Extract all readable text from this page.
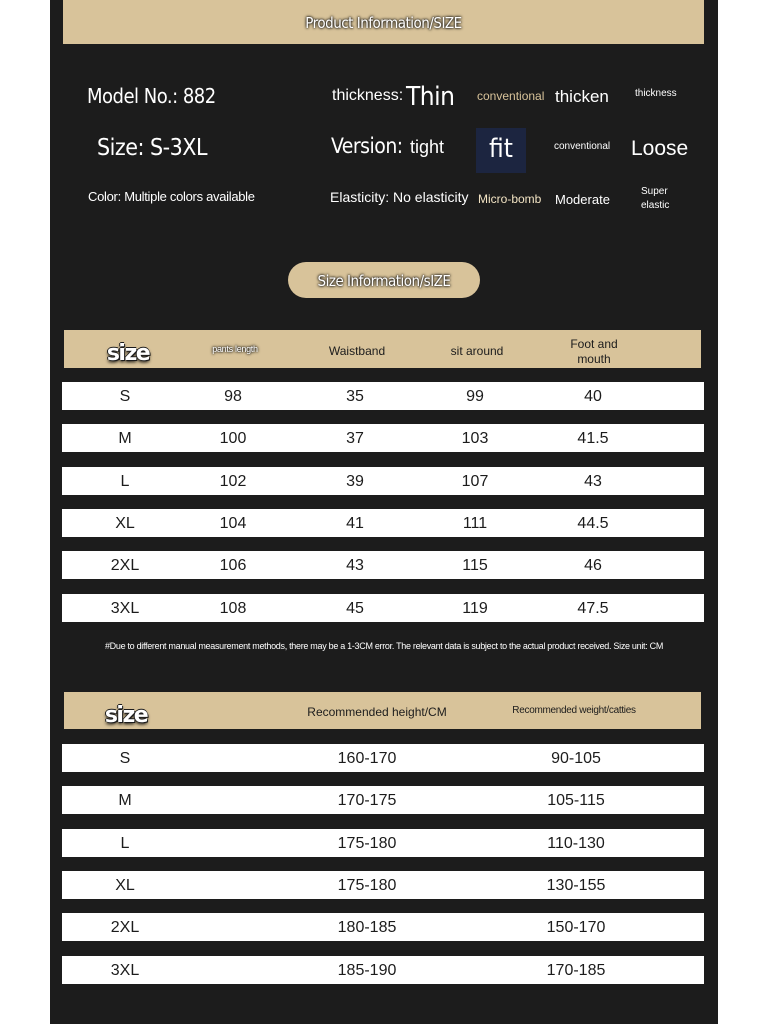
Product Information/SIZE
Model No.: 882
Size: S-3XL
Color: Multiple colors available
thickness: Thin conventional thicken	thickness
Version: tight fit	conventional Loose
Elasticity: No elasticity Micro-bomb Moderate
Super elastic
Size Information/sIZE
size	pants length	Waistband	sit around	Foot and mouth
S	98	35	99	40
M	100	37	103	41.5
L	102	39	107	43
XL	104	41	111	44.5
2XL	106	43	115	46
3XL	108	45	119	47.5
#Due to different manual measurement methods, there may be a 1-3CM error. The relevant data is subject to the actual product received. Size unit: CM
size	Recommended height/CM	Recommended weight/catties
S	160-170	90-105
M	170-175	105-115
L	175-180	110-130
XL	175-180	130-155
2XL	180-185	150-170
3XL	185-190	170-185
